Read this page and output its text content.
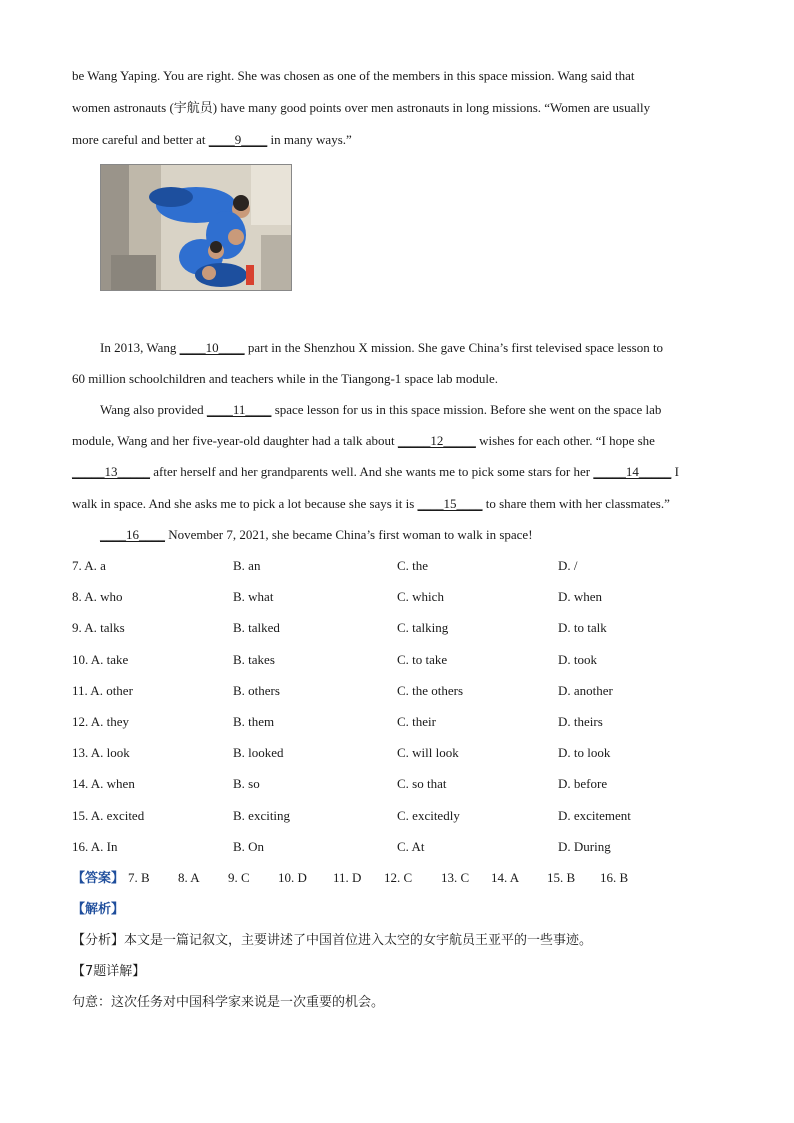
be Wang Yaping. You are right. She was chosen as one of the members in this space mission. Wang said that
women astronauts (宇航员) have many good points over men astronauts in long missions. “Women are usually
more careful and better at ____9____ in many ways.”
In 2013, Wang ____10____ part in the Shenzhou X mission. She gave China’s first televised space lesson to
60 million schoolchildren and teachers while in the Tiangong-1 space lab module.
Wang also provided ____11____ space lesson for us in this space mission. Before she went on the space lab
module, Wang and her five-year-old daughter had a talk about _____12_____ wishes for each other. “I hope she
_____13_____ after herself and her grandparents well. And she wants me to pick some stars for her _____14_____ I
walk in space. And she asks me to pick a lot because she says it is ____15____ to share them with her classmates.”
____16____ November 7, 2021, she became China’s first woman to walk in space!
7. A. a	B. an	C. the	D. /
8. A. who	B. what	C. which	D. when
9. A. talks	B. talked	C. talking	D. to talk
10. A. take	B. takes	C. to take	D. took
11. A. other	B. others	C. the others	D. another
12. A. they	B. them	C. their	D. theirs
13. A. look	B. looked	C. will look	D. to look
14. A. when	B. so	C. so that	D. before
15. A. excited	B. exciting	C. excitedly	D. excitement
16. A. In	B. On	C. At	D. During
【答案】 7. B 8. A 9. C 10. D 11. D 12. C 13. C 14. A 15. B 16. B
【解析】
【分析】本文是一篇记叙文，主要讲述了中国首位进入太空的女宇航员王亚平的一些事迹。
【7题详解】
句意：这次任务对中国科学家来说是一次重要的机会。
